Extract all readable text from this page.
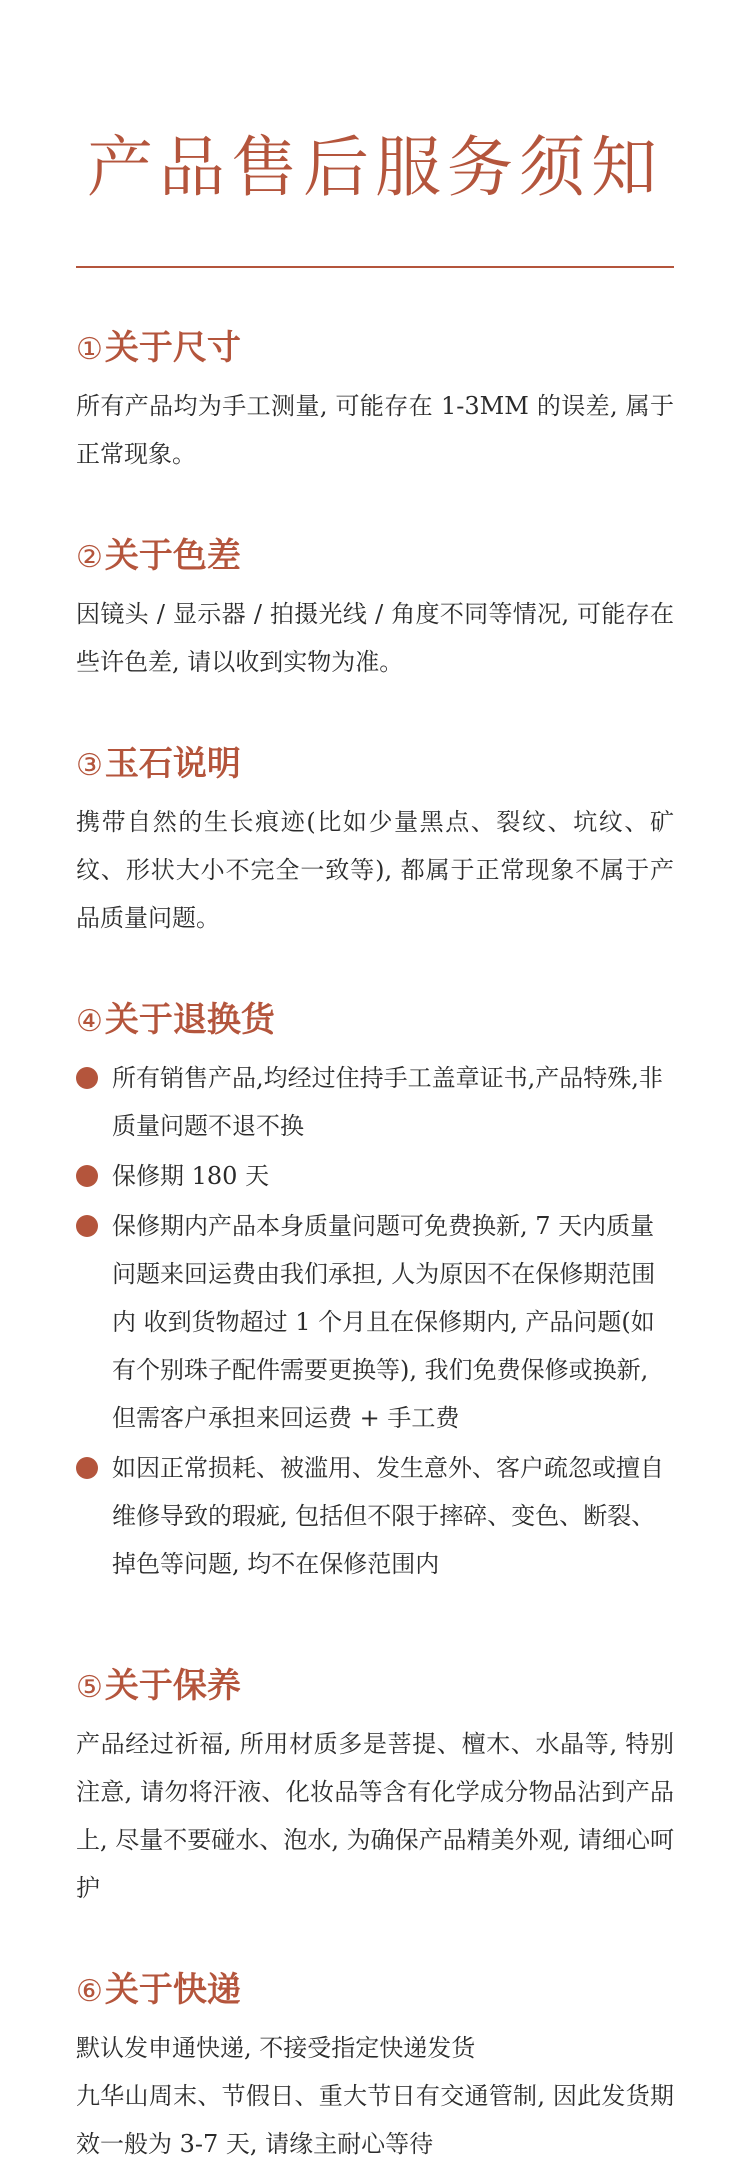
产品售后服务须知
①关于尺寸

所有产品均为手工测量, 可能存在 1-3MM 的误差, 属于正常现象。

②关于色差

因镜头 / 显示器 / 拍摄光线 / 角度不同等情况, 可能存在些许色差, 请以收到实物为准。

③玉石说明

携带自然的生长痕迹(比如少量黑点、裂纹、坑纹、矿纹、形状大小不完全一致等), 都属于正常现象不属于产品质量问题。

④关于退换货
所有销售产品,均经过住持手工盖章证书,产品特殊,非质量问题不退不换
保修期 180 天
保修期内产品本身质量问题可免费换新, 7 天内质量问题来回运费由我们承担, 人为原因不在保修期范围内 收到货物超过 1 个月且在保修期内, 产品问题(如有个别珠子配件需要更换等), 我们免费保修或换新, 但需客户承担来回运费 + 手工费
如因正常损耗、被滥用、发生意外、客户疏忽或擅自维修导致的瑕疵, 包括但不限于摔碎、变色、断裂、掉色等问题, 均不在保修范围内
⑤关于保养

产品经过祈福, 所用材质多是菩提、檀木、水晶等, 特别注意, 请勿将汗液、化妆品等含有化学成分物品沾到产品上, 尽量不要碰水、泡水, 为确保产品精美外观, 请细心呵护

⑥关于快递

默认发申通快递, 不接受指定快递发货

九华山周末、节假日、重大节日有交通管制, 因此发货期效一般为 3-7 天, 请缘主耐心等待
